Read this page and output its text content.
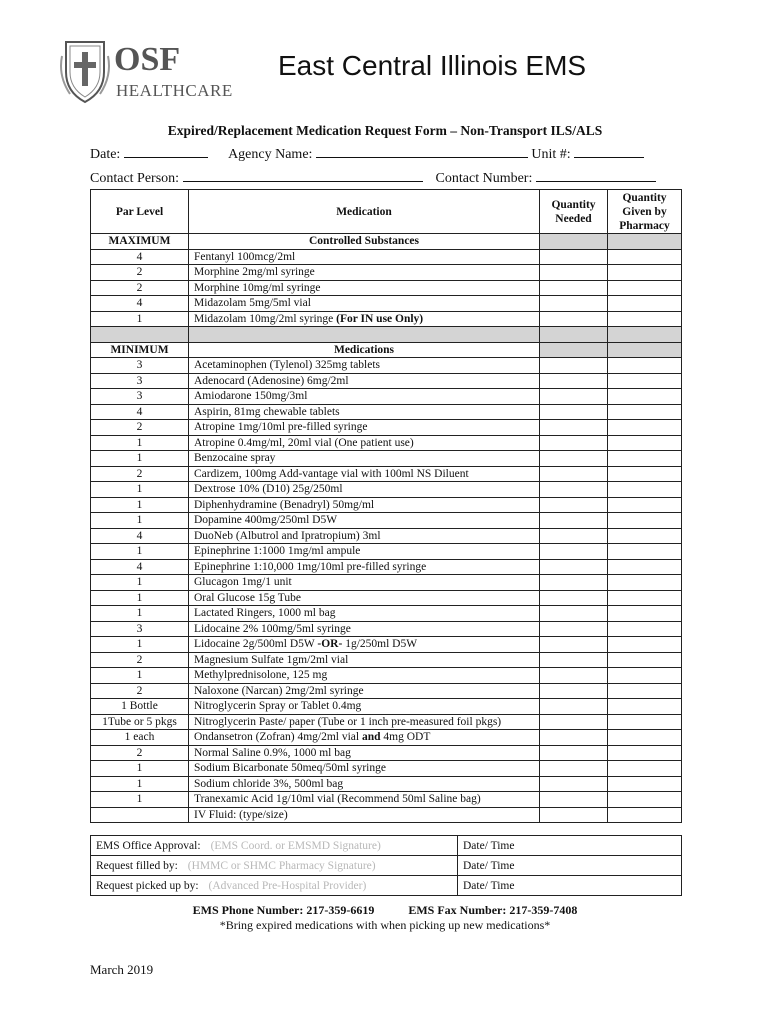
OSF
HEALTHCARE
East Central Illinois EMS
Expired/Replacement Medication Request Form – Non-Transport ILS/ALS
Date:	Agency Name:	Unit #:
Contact Person:	Contact Number:
Par Level	Medication	Quantity Needed	Quantity Given by Pharmacy
MAXIMUM	Controlled Substances		
4	Fentanyl 100mcg/2ml		
2	Morphine 2mg/ml syringe		
2	Morphine 10mg/ml syringe		
4	Midazolam 5mg/5ml vial		
1	Midazolam 10mg/2ml syringe (For IN use Only)		

MINIMUM	Medications		
3	Acetaminophen (Tylenol) 325mg tablets		
3	Adenocard (Adenosine) 6mg/2ml		
3	Amiodarone 150mg/3ml		
4	Aspirin, 81mg chewable tablets		
2	Atropine 1mg/10ml pre-filled syringe		
1	Atropine 0.4mg/ml, 20ml vial (One patient use)		
1	Benzocaine spray		
2	Cardizem, 100mg Add-vantage vial with 100ml NS Diluent		
1	Dextrose 10% (D10) 25g/250ml		
1	Diphenhydramine (Benadryl) 50mg/ml		
1	Dopamine 400mg/250ml D5W		
4	DuoNeb (Albutrol and Ipratropium) 3ml		
1	Epinephrine 1:1000 1mg/ml ampule		
4	Epinephrine 1:10,000 1mg/10ml pre-filled syringe		
1	Glucagon 1mg/1 unit		
1	Oral Glucose 15g Tube		
1	Lactated Ringers, 1000 ml bag		
3	Lidocaine 2% 100mg/5ml syringe		
1	Lidocaine 2g/500ml D5W -OR- 1g/250ml D5W		
2	Magnesium Sulfate 1gm/2ml vial		
1	Methylprednisolone, 125 mg		
2	Naloxone (Narcan) 2mg/2ml syringe		
1 Bottle	Nitroglycerin Spray or Tablet 0.4mg		
1Tube or 5 pkgs	Nitroglycerin Paste/ paper (Tube or 1 inch pre-measured foil pkgs)		
1 each	Ondansetron (Zofran) 4mg/2ml vial and 4mg ODT		
2	Normal Saline 0.9%, 1000 ml bag		
1	Sodium Bicarbonate 50meq/50ml syringe		
1	Sodium chloride 3%, 500ml bag		
1	Tranexamic Acid 1g/10ml vial (Recommend 50ml Saline bag)		
	IV Fluid: (type/size)		
EMS Office Approval: (EMS Coord. or EMSMD Signature)	Date/ Time
Request filled by: (HMMC or SHMC Pharmacy Signature)	Date/ Time
Request picked up by: (Advanced Pre-Hospital Provider)	Date/ Time
EMS Phone Number: 217-359-6619	EMS Fax Number: 217-359-7408
*Bring expired medications with when picking up new medications*
March 2019
